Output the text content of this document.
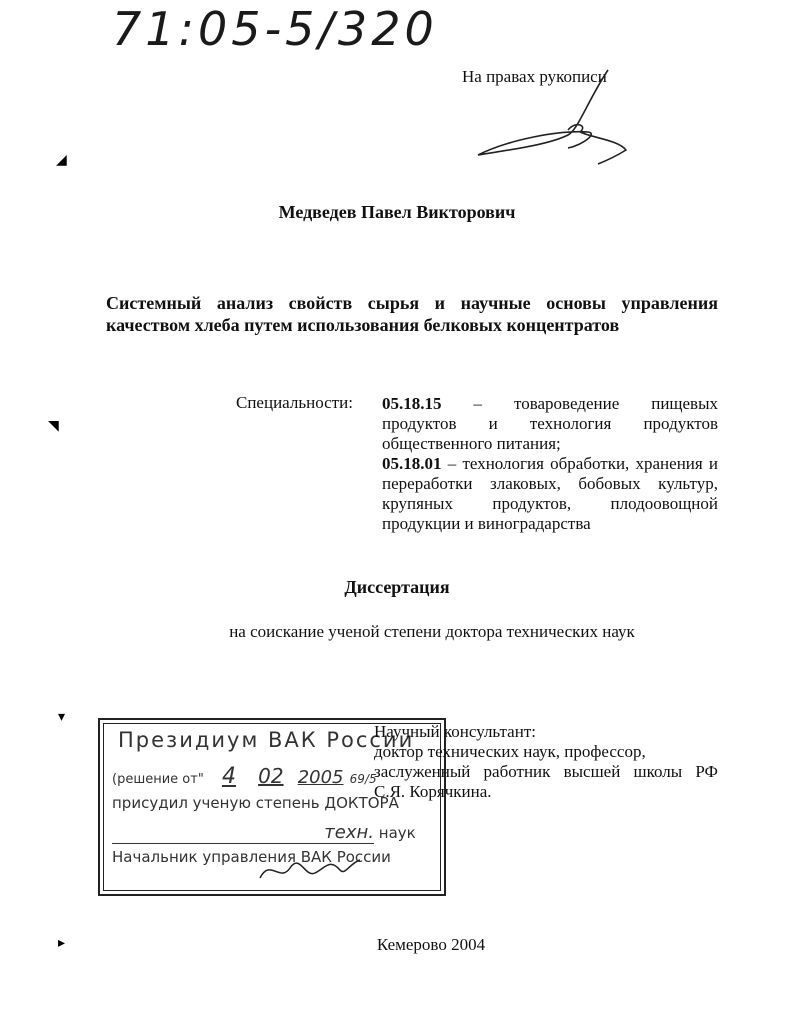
71:05-5/320
На правах рукописи
◢
◥
▾
▸
Медведев Павел Викторович
Системный анализ свойств сырья и научные основы управления
качеством хлеба путем использования белковых концентратов
Специальности: 05.18.15 – товароведение пищевых
продуктов и технология продуктов
общественного питания;
05.18.01 – технология обработки, хранения и
переработки злаковых, бобовых культур,
крупяных продуктов, плодоовощной
продукции и виноградарства
Диссертация
на соискание ученой степени доктора технических наук
Президиум ВАК России
(решение от" 4 02 2005 69/5
присудил ученую степень ДОКТОРА
техн. наук
Начальник управления ВАК России
Научный консультант:
доктор технических наук, профессор,
заслуженный работник высшей школы РФ
С.Я. Корячкина.
Кемерово 2004
